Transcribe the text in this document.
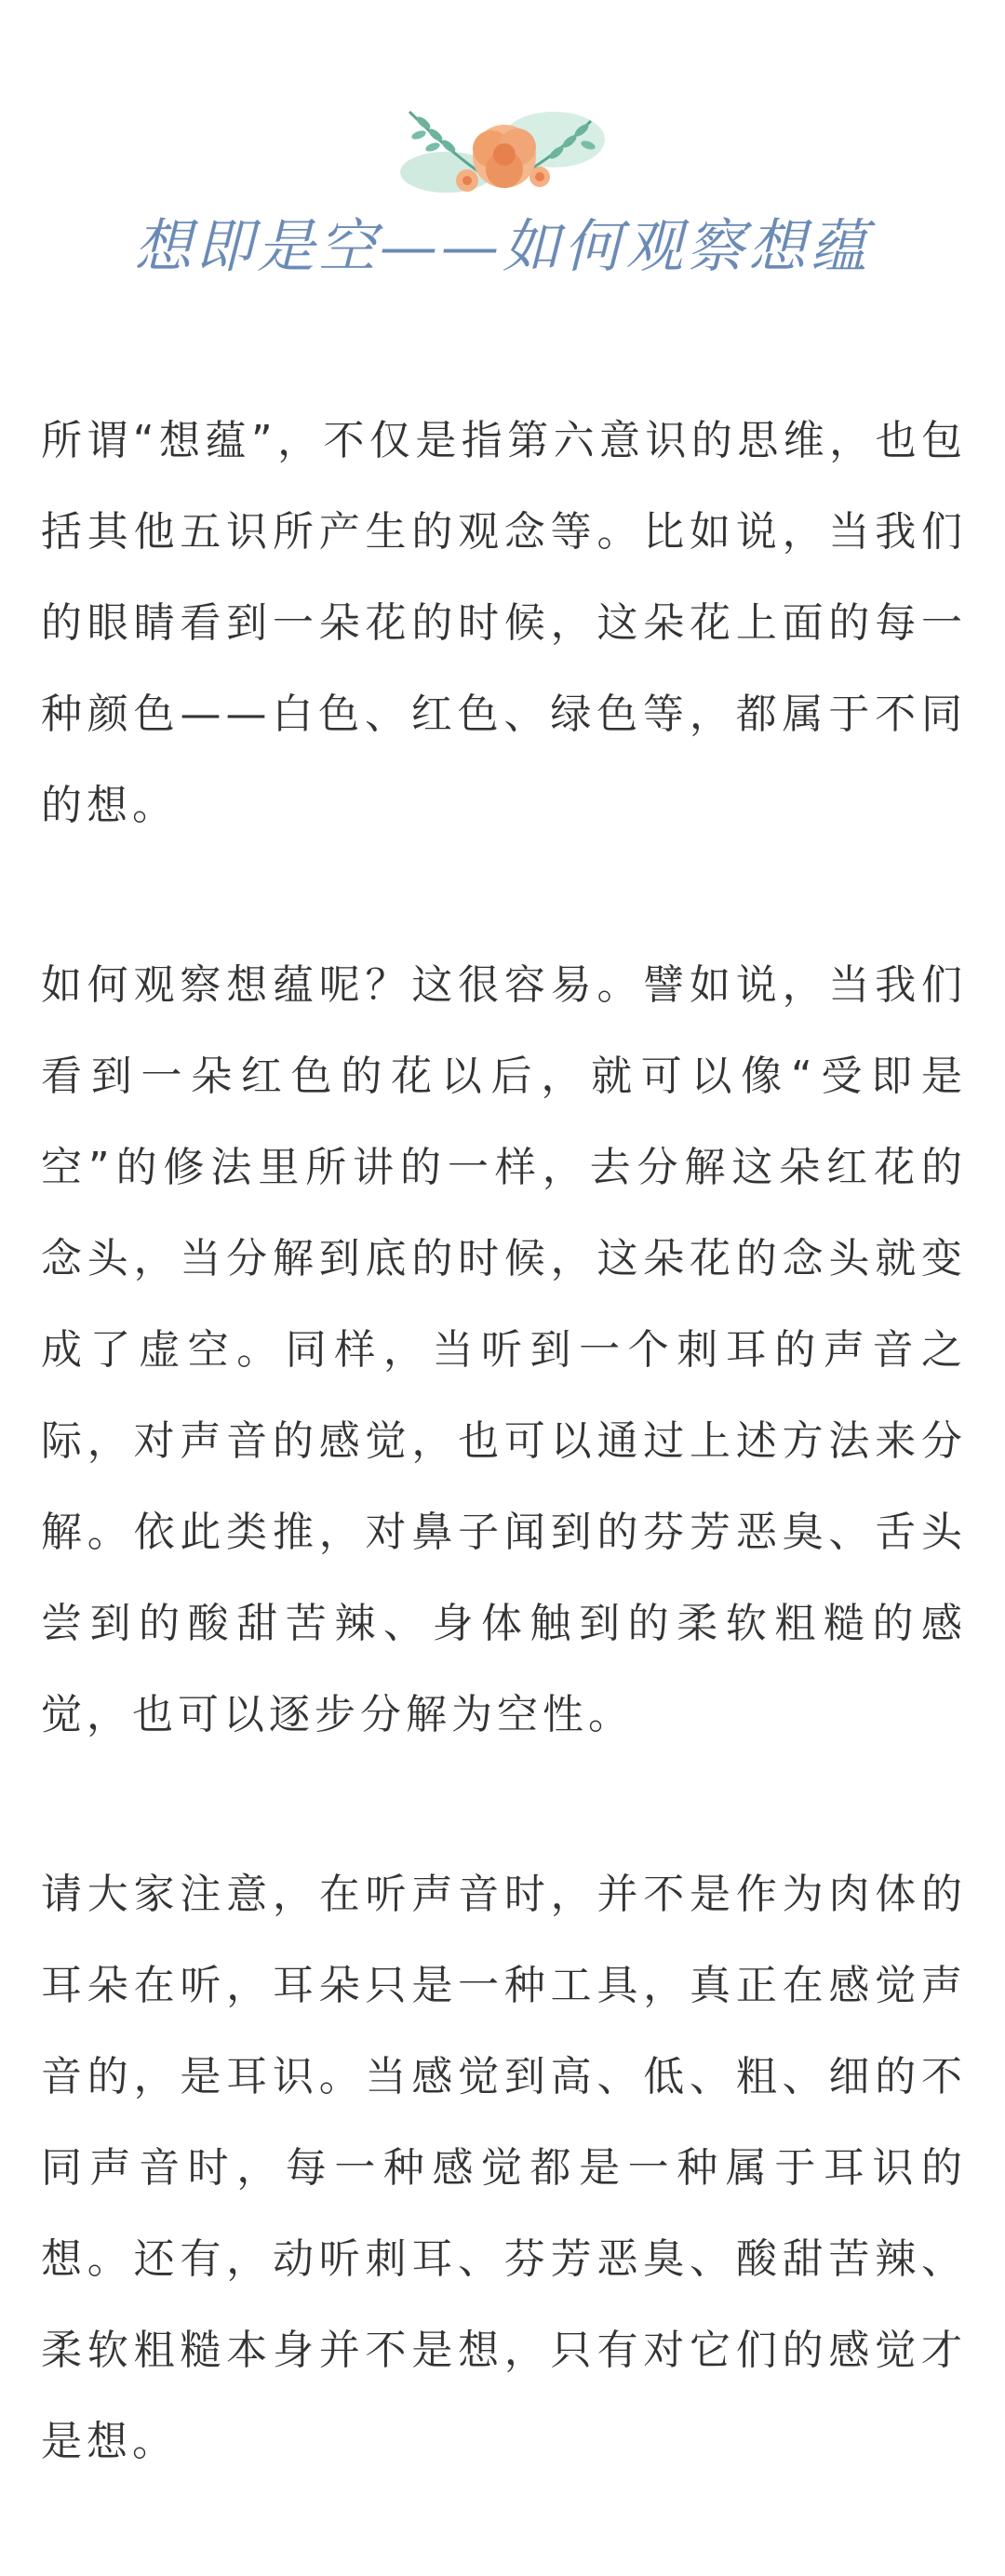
想即是空——如何观察想蕴

所谓“想蕴”，不仅是指第六意识的思维，也包括其他五识所产生的观念等。比如说，当我们的眼睛看到一朵花的时候，这朵花上面的每一种颜色——白色、红色、绿色等，都属于不同的想。

如何观察想蕴呢？这很容易。譬如说，当我们看到一朵红色的花以后，就可以像“受即是空”的修法里所讲的一样，去分解这朵红花的念头，当分解到底的时候，这朵花的念头就变成了虚空。同样，当听到一个刺耳的声音之际，对声音的感觉，也可以通过上述方法来分解。依此类推，对鼻子闻到的芬芳恶臭、舌头尝到的酸甜苦辣、身体触到的柔软粗糙的感觉，也可以逐步分解为空性。

请大家注意，在听声音时，并不是作为肉体的耳朵在听，耳朵只是一种工具，真正在感觉声音的，是耳识。当感觉到高、低、粗、细的不同声音时，每一种感觉都是一种属于耳识的想。还有，动听刺耳、芬芳恶臭、酸甜苦辣、柔软粗糙本身并不是想，只有对它们的感觉才是想。
